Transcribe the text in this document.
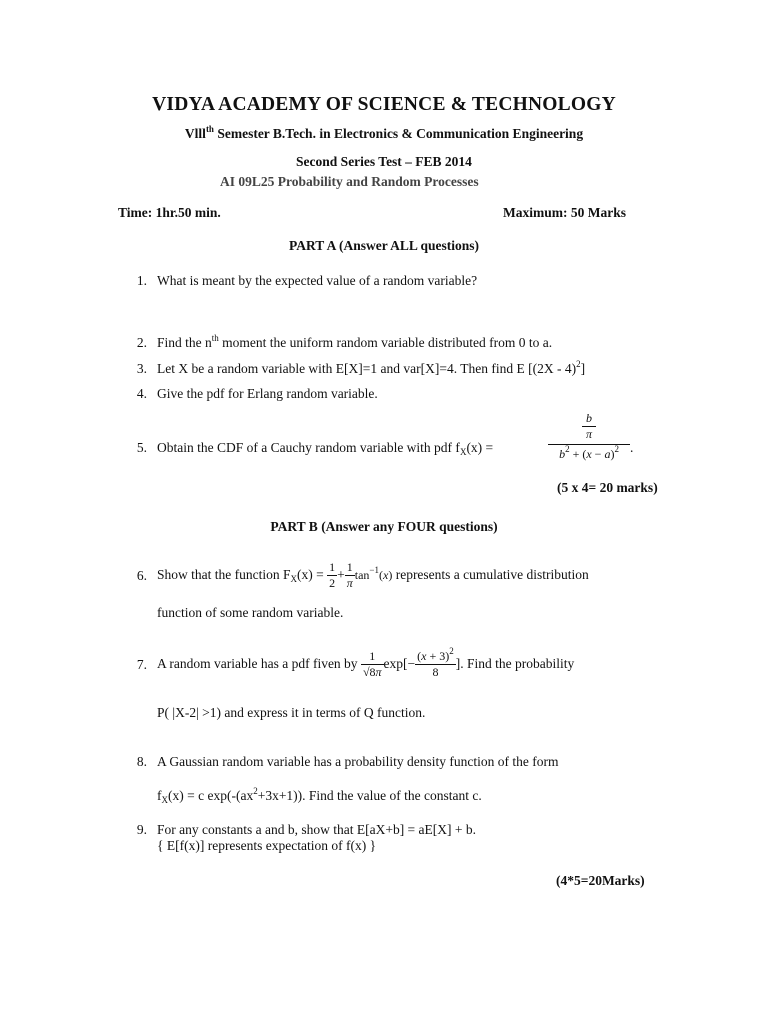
VIDYA ACADEMY OF SCIENCE & TECHNOLOGY
Vlll$^{th}$ Semester B.Tech. in Electronics & Communication Engineering
Second Series Test – FEB 2014
AI 09L25 Probability and Random Processes
Time: 1hr.50 min.	Maximum: 50 Marks
PART A (Answer ALL questions)
1. What is meant by the expected value of a random variable?
2. Find the $n^{th}$ moment the uniform random variable distributed from 0 to a.
3. Let X be a random variable with E[X]=1 and var[X]=4. Then find E [(2X - 4)$^2$]
4. Give the pdf for Erlang random variable.
5. Obtain the CDF of a Cauchy random variable with pdf $f_X(x)$ =	b
π
$b^2 + (x - a)^2$ .
(5 x 4= 20 marks)
PART B (Answer any FOUR questions)
6. Show that the function $F_X(x) = \frac{1}{2} + \frac{1}{\pi} \tan^{-1}(x)$ represents a cumulative distribution
function of some random variable.
7. A random variable has a pdf fiven by $\frac{1}{√8\pi} \exp[- \frac{(x + 3)^2}{8}$ ]. Find the probability
P( |X-2| >1) and express it in terms of Q function.
8. A Gaussian random variable has a probability density function of the form
$f_X(x) = c$ $\exp(-(ax^2+3x+1))$. Find the value of the constant c.
9. For any constants a and b, show that E[aX+b] = aE[X] + b.
{ E[f(x)] represents expectation of f(x) }
(4*5=20Marks)
